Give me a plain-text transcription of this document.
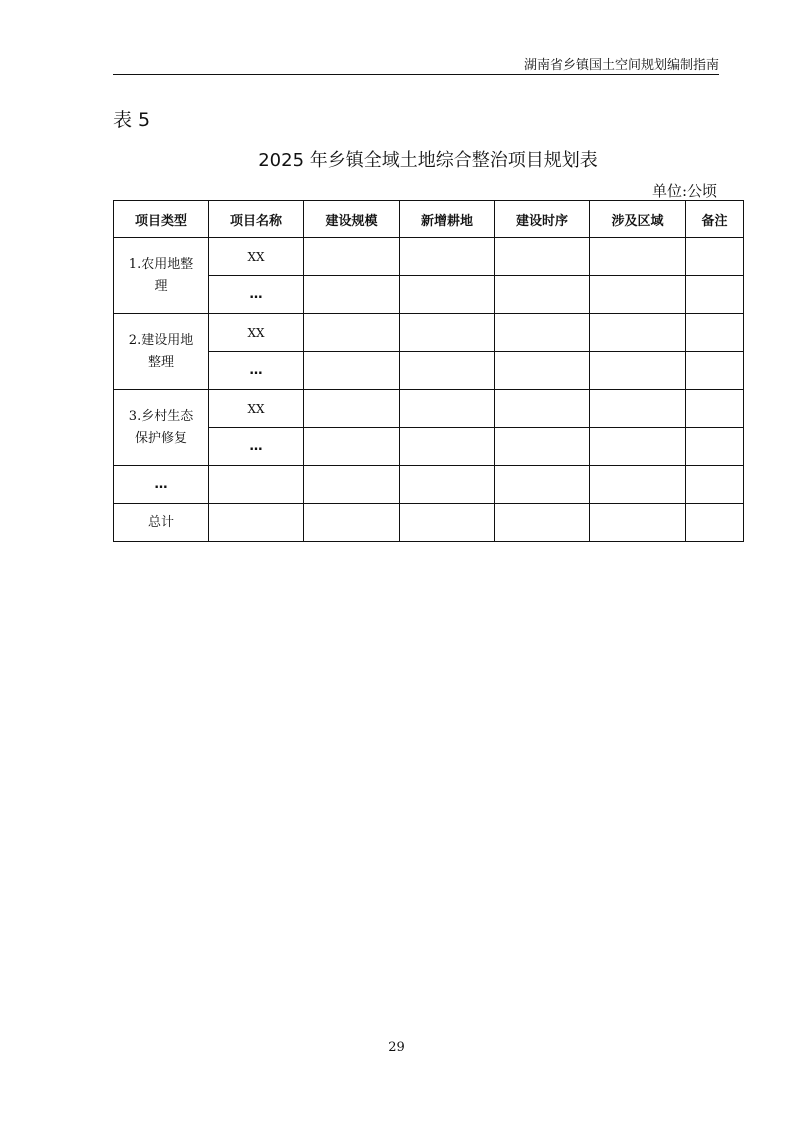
湖南省乡镇国土空间规划编制指南
表 5
2025 年乡镇全域土地综合整治项目规划表
单位:公顷
项目类型	项目名称	建设规模	新增耕地	建设时序	涉及区域	备注
1.农用地整
理	XX					
	…					
2.建设用地
整理	XX					
	…					
3.乡村生态
保护修复	XX					
	…					
…						
总计						
29
